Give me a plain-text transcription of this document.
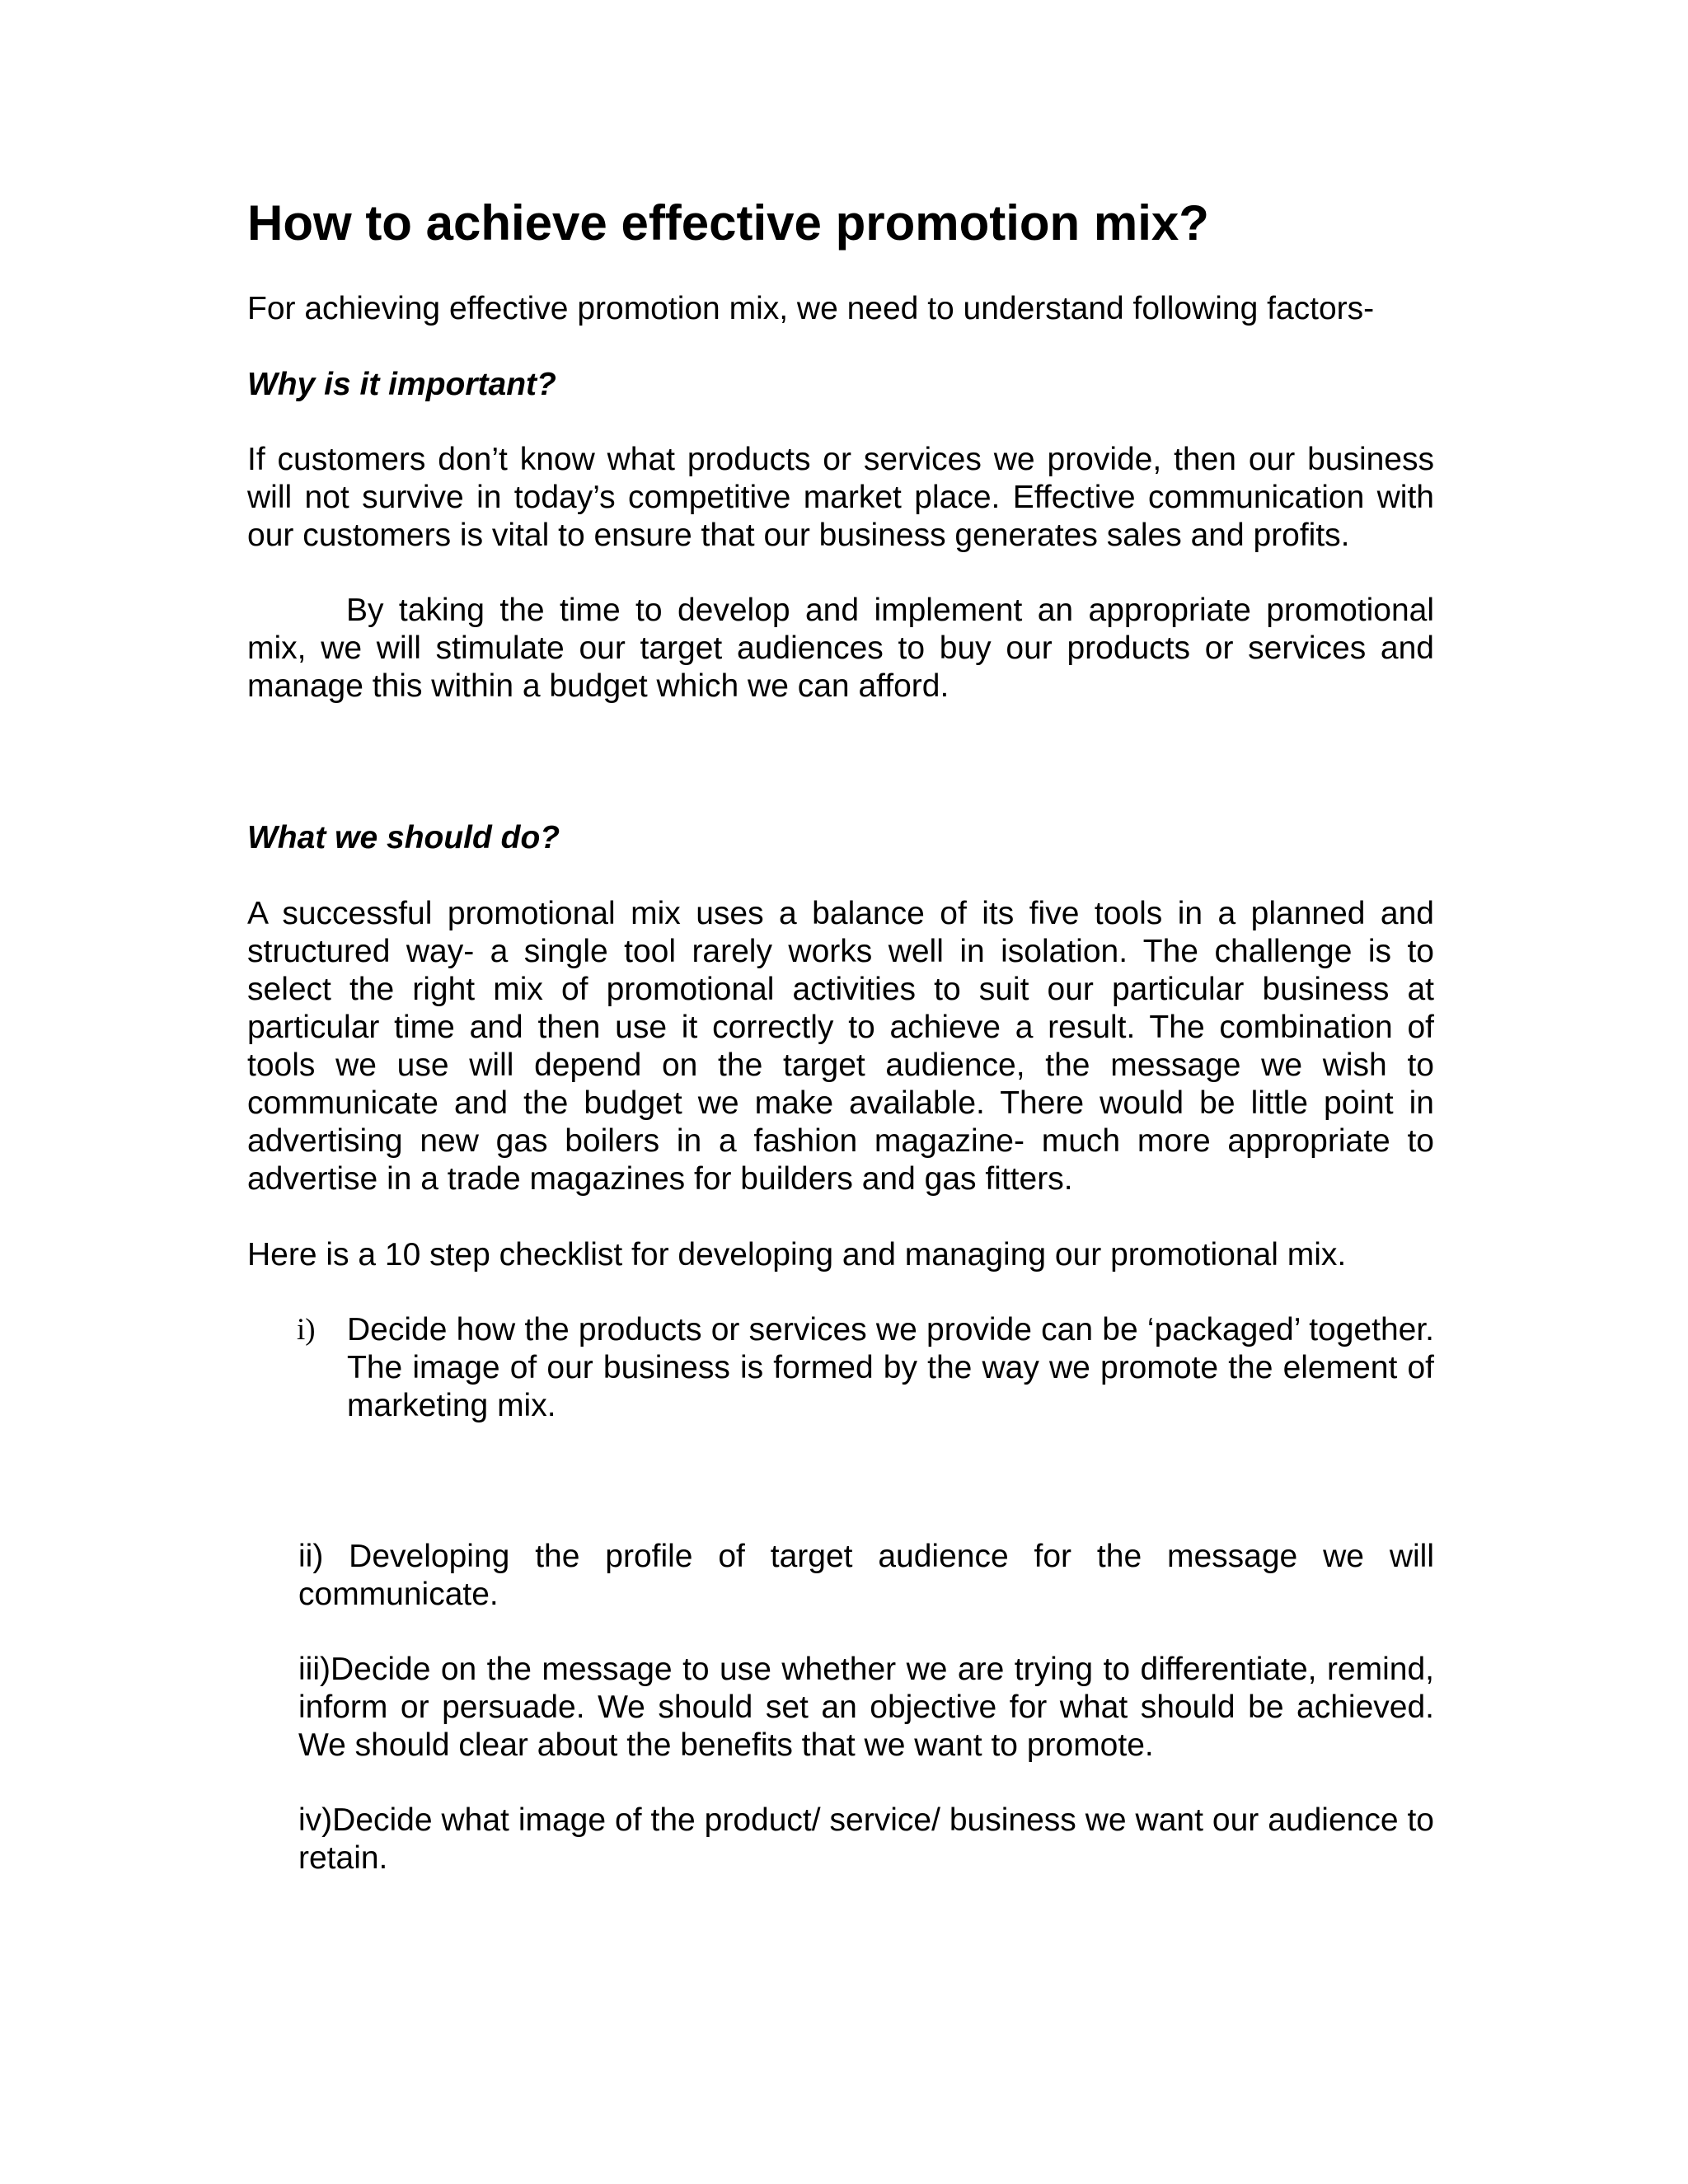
How to achieve effective promotion mix?

For achieving effective promotion mix, we need to understand following factors-

Why is it important?

If customers don’t know what products or services we provide, then our business will not survive in today’s competitive market place. Effective communication with our customers is vital to ensure that our business generates sales and profits.

By taking the time to develop and implement an appropriate promotional mix, we will stimulate our target audiences to buy our products or services and manage this within a budget which we can afford.

What we should do?

A successful promotional mix uses a balance of its five tools in a planned and structured way- a single tool rarely works well in isolation. The challenge is to select the right mix of promotional activities to suit our particular business at particular time and then use it correctly to achieve a result. The combination of tools we use will depend on the target audience, the message we wish to communicate and the budget we make available. There would be little point in advertising new gas boilers in a fashion magazine- much more appropriate to advertise in a trade magazines for builders and gas fitters.

Here is a 10 step checklist for developing and managing our promotional mix.

i) Decide how the products or services we provide can be ‘packaged’ together. The image of our business is formed by the way we promote the element of marketing mix.

ii) Developing the profile of target audience for the message we will communicate.

iii)Decide on the message to use whether we are trying to differentiate, remind, inform or persuade. We should set an objective for what should be achieved. We should clear about the benefits that we want to promote.

iv)Decide what image of the product/ service/ business we want our audience to retain.
